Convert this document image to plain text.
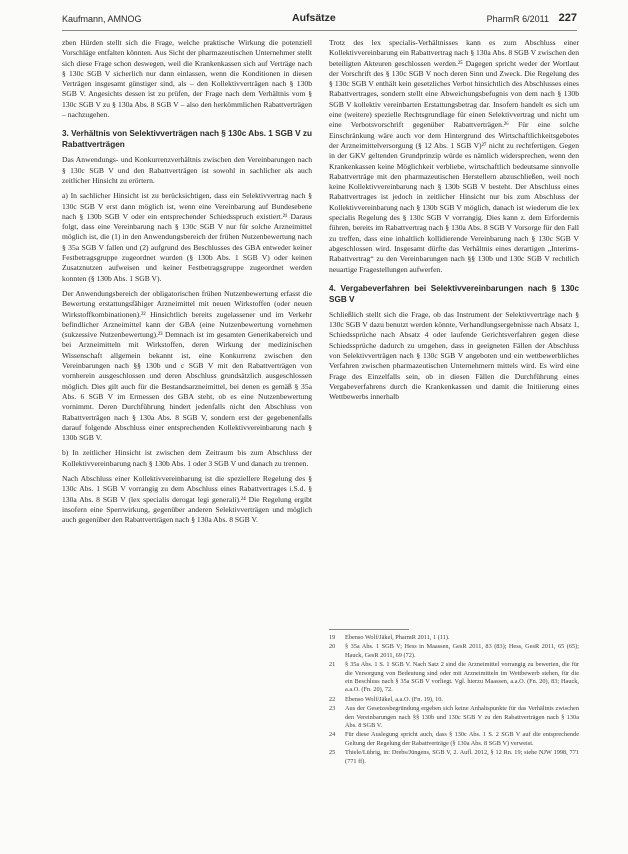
Kaufmann, AMNOG	Aufsätze	PharmR 6/2011 227

zben Hürden stellt sich die Frage, welche praktische Wirkung die potenziell Vorschläge entfalten könnten. Aus Sicht der pharmazeutischen Unternehmer stellt sich diese Frage schon deswegen, weil die Krankenkassen sich auf Verträge nach § 130c SGB V sicherlich nur dann einlassen, wenn die Konditionen in diesen Verträgen insgesamt günstiger sind, als – den Kollektivverträgen nach § 130b SGB V. Angesichts dessen ist zu prüfen, der Frage nach dem Verhältnis vom § 130c SGB V zu § 130a Abs. 8 SGB V – also den herkömmlichen Rabattverträgen – nachzugehen.

3. Verhältnis von Selektivverträgen nach § 130c Abs. 1 SGB V zu Rabattverträgen

Das Anwendungs- und Konkurrenzverhältnis zwischen den Vereinbarungen nach § 130c SGB V und den Rabattverträgen ist sowohl in sachlicher als auch zeitlicher Hinsicht zu erörtern.

a) In sachlicher Hinsicht ist zu berücksichtigen, dass ein Selektivvertrag nach § 130c SGB V erst dann möglich ist, wenn eine Vereinbarung auf Bundesebene nach § 130b SGB V oder ein entsprechender Schiedsspruch existiert.²¹ Daraus folgt, dass eine Vereinbarung nach § 130c SGB V nur für solche Arzneimittel möglich ist, die (1) in den Anwendungsbereich der frühen Nutzenbewertung nach § 35a SGB V fallen und (2) aufgrund des Beschlusses des GBA entweder keiner Festbetragsgruppe zugeordnet wurden (§ 130b Abs. 1 SGB V) oder keinen Zusatznutzen aufweisen und keiner Festbetragsgruppe zugeordnet werden konnten (§ 130b Abs. 1 SGB V).

Der Anwendungsbereich der obligatorischen frühen Nutzenbewertung erfasst die Bewertung erstattungsfähiger Arzneimittel mit neuen Wirkstoffen (oder neuen Wirkstoffkombinationen).²² Hinsichtlich bereits zugelassener und im Verkehr befindlicher Arzneimittel kann der GBA (eine Nutzenbewertung vornehmen (sukzessive Nutzenbewertung).²³ Demnach ist im gesamten Generikabereich und bei Arzneimitteln mit Wirkstoffen, deren Wirkung der medizinischen Wissenschaft allgemein bekannt ist, eine Konkurrenz zwischen den Vereinbarungen nach §§ 130b und c SGB V mit den Rabattverträgen von vornherein ausgeschlossen und deren Abschluss grundsätzlich ausgeschlossen möglich. Dies gilt auch für die Bestandsarzneimittel, bei denen es gemäß § 35a Abs. 6 SGB V im Ermessen des GBA steht, ob es eine Nutzenbewertung vornimmt. Deren Durchführung hindert jedenfalls nicht den Abschluss von Rabattverträgen nach § 130a Abs. 8 SGB V, sondern erst der gegebenenfalls darauf folgende Abschluss einer entsprechenden Kollektivvereinbarung nach § 130b SGB V.

b) In zeitlicher Hinsicht ist zwischen dem Zeitraum bis zum Abschluss der Kollektivvereinbarung nach § 130b Abs. 1 oder 3 SGB V und danach zu trennen.

Nach Abschluss einer Kollektivvereinbarung ist die speziellere Regelung des § 130c Abs. 1 SGB V vorrangig zu dem Abschluss eines Rabattvertrages i.S.d. § 130a Abs. 8 SGB V (lex specialis derogat legi generali).²⁴ Die Regelung ergibt insofern eine Sperrwirkung, gegenüber anderen Selektivverträgen und möglich auch gegenüber den Rabattverträgen nach § 130a Abs. 8 SGB V.

Trotz des lex specialis-Verhältnisses kann es zum Abschluss einer Kollektivvereinbarung ein Rabattvertrag nach § 130a Abs. 8 SGB V zwischen den beteiligten Akteuren geschlossen werden.²⁵ Dagegen spricht weder der Wortlaut der Vorschrift des § 130c SGB V noch deren Sinn und Zweck. Die Regelung des § 130c SGB V enthält kein gesetzliches Verbot hinsichtlich des Abschlusses eines Rabattvertrages, sondern stellt eine Abweichungsbefugnis von dem nach § 130b SGB V kollektiv vereinbarten Erstattungsbetrag dar. Insofern handelt es sich um eine (weitere) spezielle Rechtsgrundlage für einen Selektivvertrag und nicht um eine Verbotsvorschrift gegenüber Rabattverträgen.²⁶ Für eine solche Einschränkung wäre auch vor dem Hintergrund des Wirtschaftlichkeitsgebotes der Arzneimittelversorgung (§ 12 Abs. 1 SGB V)²⁷ nicht zu rechtfertigen. Gegen in der GKV geltenden Grundprinzip würde es nämlich widersprechen, wenn den Krankenkassen keine Möglichkeit verbliebe, wirtschaftlich bedeutsame sinnvolle Rabattverträge mit den pharmazeutischen Herstellern abzuschließen, weil noch keine Kollektivvereinbarung nach § 130b SGB V besteht. Der Abschluss eines Rabattvertrages ist jedoch in zeitlicher Hinsicht nur bis zum Abschluss der Kollektivvereinbarung nach § 130b SGB V möglich, danach ist wiederum die lex specialis Regelung des § 130c SGB V vorrangig. Dies kann z. dem Erfordernis führen, bereits im Rabattvertrag nach § 130a Abs. 8 SGB V Vorsorge für den Fall zu treffen, dass eine inhaltlich kollidierende Vereinbarung nach § 130c SGB V abgeschlossen wird. Insgesamt dürfte das Verhältnis eines derartigen „Interims-Rabattvertrag“ zu den Vereinbarungen nach §§ 130b und 130c SGB V rechtlich neuartige Fragestellungen aufwerfen.

4. Vergabeverfahren bei Selektivvereinbarungen nach § 130c SGB V

Schließlich stellt sich die Frage, ob das Instrument der Selektivverträge nach § 130c SGB V dazu benutzt werden könnte, Verhandlungsergebnisse nach Absatz 1, Schiedssprüche nach Absatz 4 oder laufende Gerichtsverfahren gegen diese Schiedssprüche dadurch zu umgehen, dass in geeigneten Fällen der Abschluss von Selektivverträgen nach § 130c SGB V angeboten und ein wettbewerbliches Verfahren zwischen pharmazeutischen Unternehmern mittels wird. Es wird eine Frage des Einzelfalls sein, ob in diesen Fällen die Durchführung eines Vergabeverfahrens durch die Krankenkassen und damit die Initiierung eines Wettbewerbs innerhalb

19	Ebenso Wolf/Jäkel, PharmR 2011, 1 (11).
20	§ 35a Abs. 1 SGB V; Hess in Maassen, GesR 2011, 83 (83); Hess, GesR 2011, 65 (65); Hauck, GesR 2011, 69 (72).
21	§ 35a Abs. 1 S. 1 SGB V. Nach Satz 2 sind die Arzneimittel vorrangig zu bewerten, die für die Versorgung von Bedeutung sind oder mit Arzneimitteln im Wettbewerb stehen, für die ein Beschluss nach § 35a SGB V vorliegt. Vgl. hierzu Maassen, a.a.O. (Fn. 20), 83; Hauck, a.a.O. (Fn. 20), 72.
22	Ebenso Wolf/Jäkel, a.a.O. (Fn. 19), 10.
23	Aus der Gesetzesbegründung ergeben sich keine Anhaltspunkte für das Verhältnis zwischen den Vereinbarungen nach §§ 130b und 130c SGB V zu den Rabattverträgen nach § 130a Abs. 8 SGB V.
24	Für diese Auslegung spricht auch, dass § 130c Abs. 1 S. 2 SGB V auf die entsprechende Geltung der Regelung der Rabattverträge (§ 130a Abs. 8 SGB V) verweist.
25	Thiele/Lührig, in: Drebs/Jüngens, SGB V, 2. Aufl. 2012, § 12 Rn. 19; siehe NJW 1998, 771 (771 ff).
